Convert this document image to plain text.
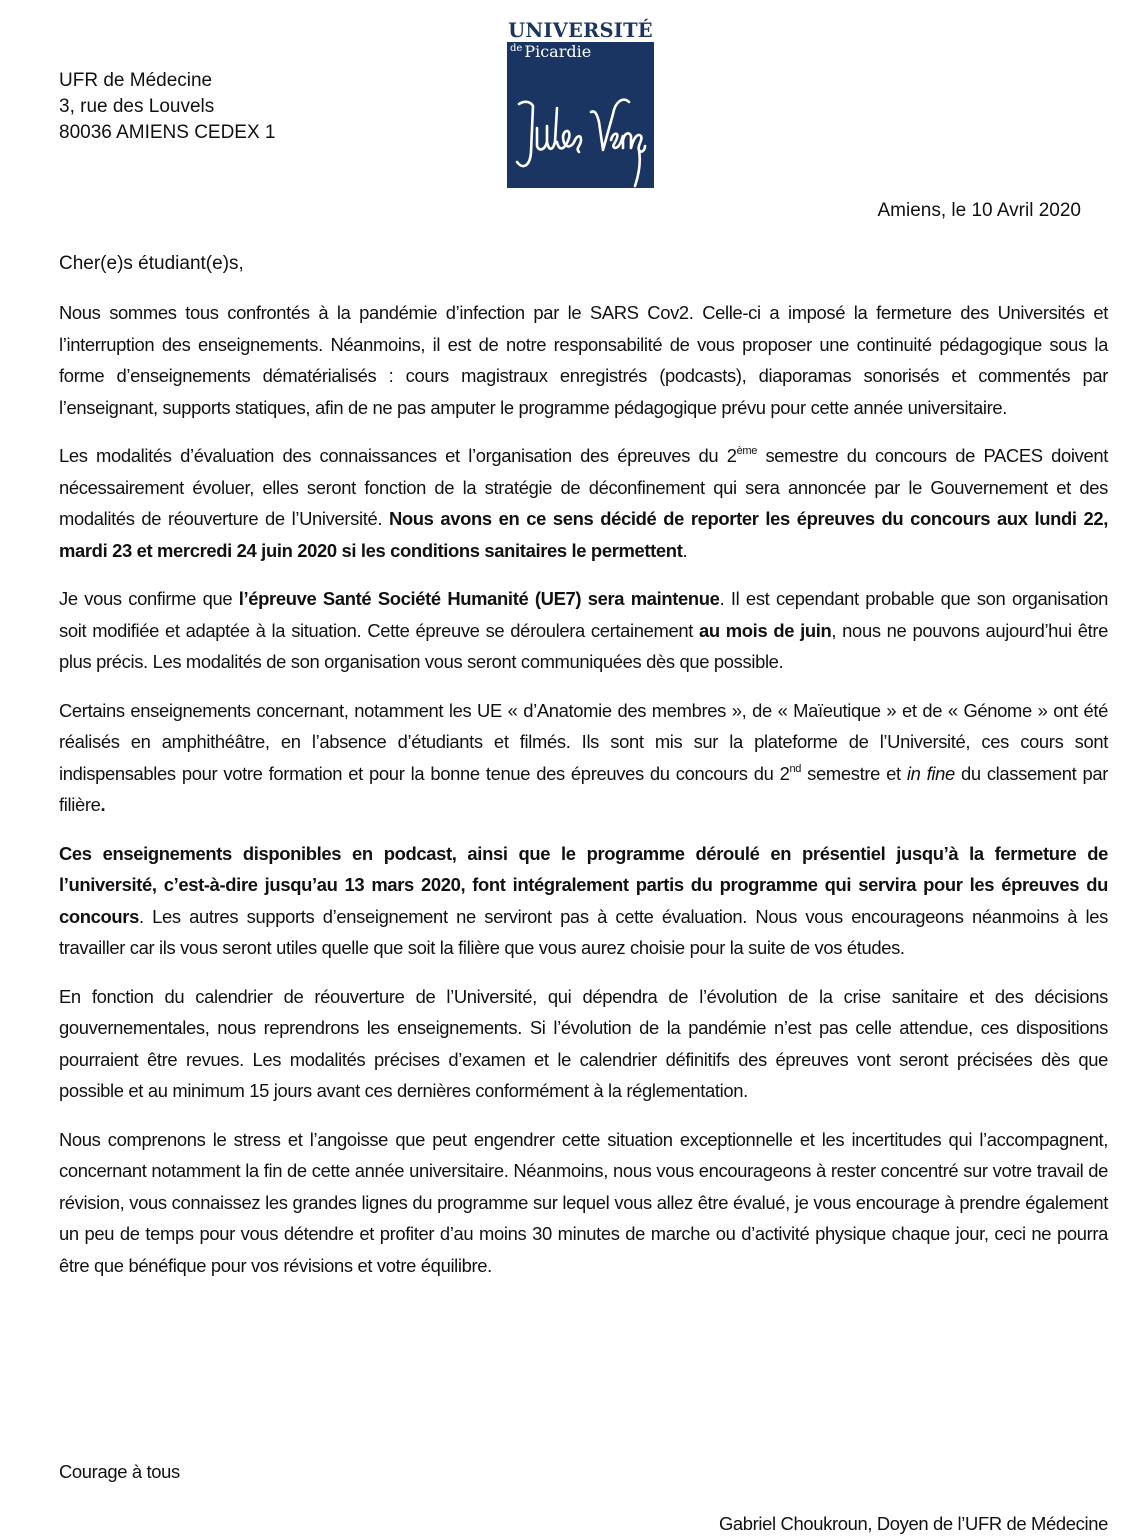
UFR de Médecine
3, rue des Louvels
80036 AMIENS CEDEX 1
UNIVERSITÉ
$^{de}$ Picardie
Amiens, le 10 Avril 2020
Cher(e)s étudiant(e)s,

Nous sommes tous confrontés à la pandémie d’infection par le SARS Cov2. Celle-ci a imposé la fermeture des Universités et l’interruption des enseignements. Néanmoins, il est de notre responsabilité de vous proposer une continuité pédagogique sous la forme d’enseignements dématérialisés : cours magistraux enregistrés (podcasts), diaporamas sonorisés et commentés par l’enseignant, supports statiques, afin de ne pas amputer le programme pédagogique prévu pour cette année universitaire.

Les modalités d’évaluation des connaissances et l’organisation des épreuves du 2ème semestre du concours de PACES doivent nécessairement évoluer, elles seront fonction de la stratégie de déconfinement qui sera annoncée par le Gouvernement et des modalités de réouverture de l’Université. Nous avons en ce sens décidé de reporter les épreuves du concours aux lundi 22, mardi 23 et mercredi 24 juin 2020 si les conditions sanitaires le permettent.

Je vous confirme que l’épreuve Santé Société Humanité (UE7) sera maintenue. Il est cependant probable que son organisation soit modifiée et adaptée à la situation. Cette épreuve se déroulera certainement au mois de juin, nous ne pouvons aujourd’hui être plus précis. Les modalités de son organisation vous seront communiquées dès que possible.

Certains enseignements concernant, notamment les UE « d’Anatomie des membres », de « Maïeutique » et de « Génome » ont été réalisés en amphithéâtre, en l’absence d’étudiants et filmés. Ils sont mis sur la plateforme de l’Université, ces cours sont indispensables pour votre formation et pour la bonne tenue des épreuves du concours du 2nd semestre et in fine du classement par filière.

Ces enseignements disponibles en podcast, ainsi que le programme déroulé en présentiel jusqu’à la fermeture de l’université, c’est-à-dire jusqu’au 13 mars 2020, font intégralement partis du programme qui servira pour les épreuves du concours. Les autres supports d’enseignement ne serviront pas à cette évaluation. Nous vous encourageons néanmoins à les travailler car ils vous seront utiles quelle que soit la filière que vous aurez choisie pour la suite de vos études.

En fonction du calendrier de réouverture de l’Université, qui dépendra de l’évolution de la crise sanitaire et des décisions gouvernementales, nous reprendrons les enseignements. Si l’évolution de la pandémie n’est pas celle attendue, ces dispositions pourraient être revues. Les modalités précises d’examen et le calendrier définitifs des épreuves vont seront précisées dès que possible et au minimum 15 jours avant ces dernières conformément à la réglementation.

Nous comprenons le stress et l’angoisse que peut engendrer cette situation exceptionnelle et les incertitudes qui l’accompagnent, concernant notamment la fin de cette année universitaire. Néanmoins, nous vous encourageons à rester concentré sur votre travail de révision, vous connaissez les grandes lignes du programme sur lequel vous allez être évalué, je vous encourage à prendre également un peu de temps pour vous détendre et profiter d’au moins 30 minutes de marche ou d’activité physique chaque jour, ceci ne pourra être que bénéfique pour vos révisions et votre équilibre.

Courage à tous
Gabriel Choukroun, Doyen de l’UFR de Médecine
